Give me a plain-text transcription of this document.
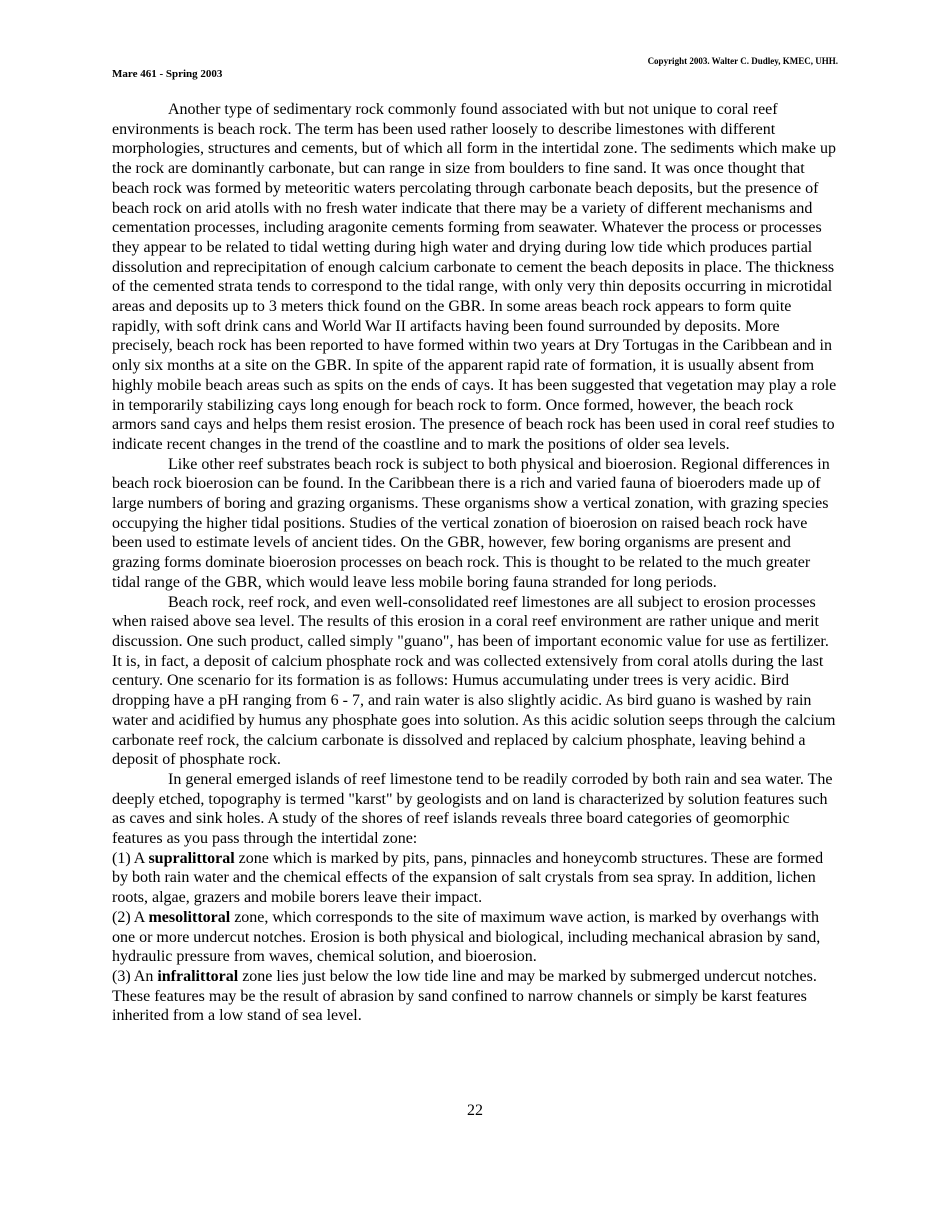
Copyright 2003. Walter C. Dudley, KMEC, UHH.
Mare 461 - Spring 2003

Another type of sedimentary rock commonly found associated with but not unique to coral reef environments is beach rock. The term has been used rather loosely to describe limestones with different morphologies, structures and cements, but of which all form in the intertidal zone. The sediments which make up the rock are dominantly carbonate, but can range in size from boulders to fine sand. It was once thought that beach rock was formed by meteoritic waters percolating through carbonate beach deposits, but the presence of beach rock on arid atolls with no fresh water indicate that there may be a variety of different mechanisms and cementation processes, including aragonite cements forming from seawater. Whatever the process or processes they appear to be related to tidal wetting during high water and drying during low tide which produces partial dissolution and reprecipitation of enough calcium carbonate to cement the beach deposits in place. The thickness of the cemented strata tends to correspond to the tidal range, with only very thin deposits occurring in microtidal areas and deposits up to 3 meters thick found on the GBR. In some areas beach rock appears to form quite rapidly, with soft drink cans and World War II artifacts having been found surrounded by deposits. More precisely, beach rock has been reported to have formed within two years at Dry Tortugas in the Caribbean and in only six months at a site on the GBR. In spite of the apparent rapid rate of formation, it is usually absent from highly mobile beach areas such as spits on the ends of cays. It has been suggested that vegetation may play a role in temporarily stabilizing cays long enough for beach rock to form. Once formed, however, the beach rock armors sand cays and helps them resist erosion. The presence of beach rock has been used in coral reef studies to indicate recent changes in the trend of the coastline and to mark the positions of older sea levels.

Like other reef substrates beach rock is subject to both physical and bioerosion. Regional differences in beach rock bioerosion can be found. In the Caribbean there is a rich and varied fauna of bioeroders made up of large numbers of boring and grazing organisms. These organisms show a vertical zonation, with grazing species occupying the higher tidal positions. Studies of the vertical zonation of bioerosion on raised beach rock have been used to estimate levels of ancient tides. On the GBR, however, few boring organisms are present and grazing forms dominate bioerosion processes on beach rock. This is thought to be related to the much greater tidal range of the GBR, which would leave less mobile boring fauna stranded for long periods.

Beach rock, reef rock, and even well-consolidated reef limestones are all subject to erosion processes when raised above sea level. The results of this erosion in a coral reef environment are rather unique and merit discussion. One such product, called simply "guano", has been of important economic value for use as fertilizer. It is, in fact, a deposit of calcium phosphate rock and was collected extensively from coral atolls during the last century. One scenario for its formation is as follows: Humus accumulating under trees is very acidic. Bird dropping have a pH ranging from 6 - 7, and rain water is also slightly acidic. As bird guano is washed by rain water and acidified by humus any phosphate goes into solution. As this acidic solution seeps through the calcium carbonate reef rock, the calcium carbonate is dissolved and replaced by calcium phosphate, leaving behind a deposit of phosphate rock.

In general emerged islands of reef limestone tend to be readily corroded by both rain and sea water. The deeply etched, topography is termed "karst" by geologists and on land is characterized by solution features such as caves and sink holes. A study of the shores of reef islands reveals three board categories of geomorphic features as you pass through the intertidal zone:

(1) A supralittoral zone which is marked by pits, pans, pinnacles and honeycomb structures. These are formed by both rain water and the chemical effects of the expansion of salt crystals from sea spray. In addition, lichen roots, algae, grazers and mobile borers leave their impact.

(2) A mesolittoral zone, which corresponds to the site of maximum wave action, is marked by overhangs with one or more undercut notches. Erosion is both physical and biological, including mechanical abrasion by sand, hydraulic pressure from waves, chemical solution, and bioerosion.

(3) An infralittoral zone lies just below the low tide line and may be marked by submerged undercut notches. These features may be the result of abrasion by sand confined to narrow channels or simply be karst features inherited from a low stand of sea level.

22
